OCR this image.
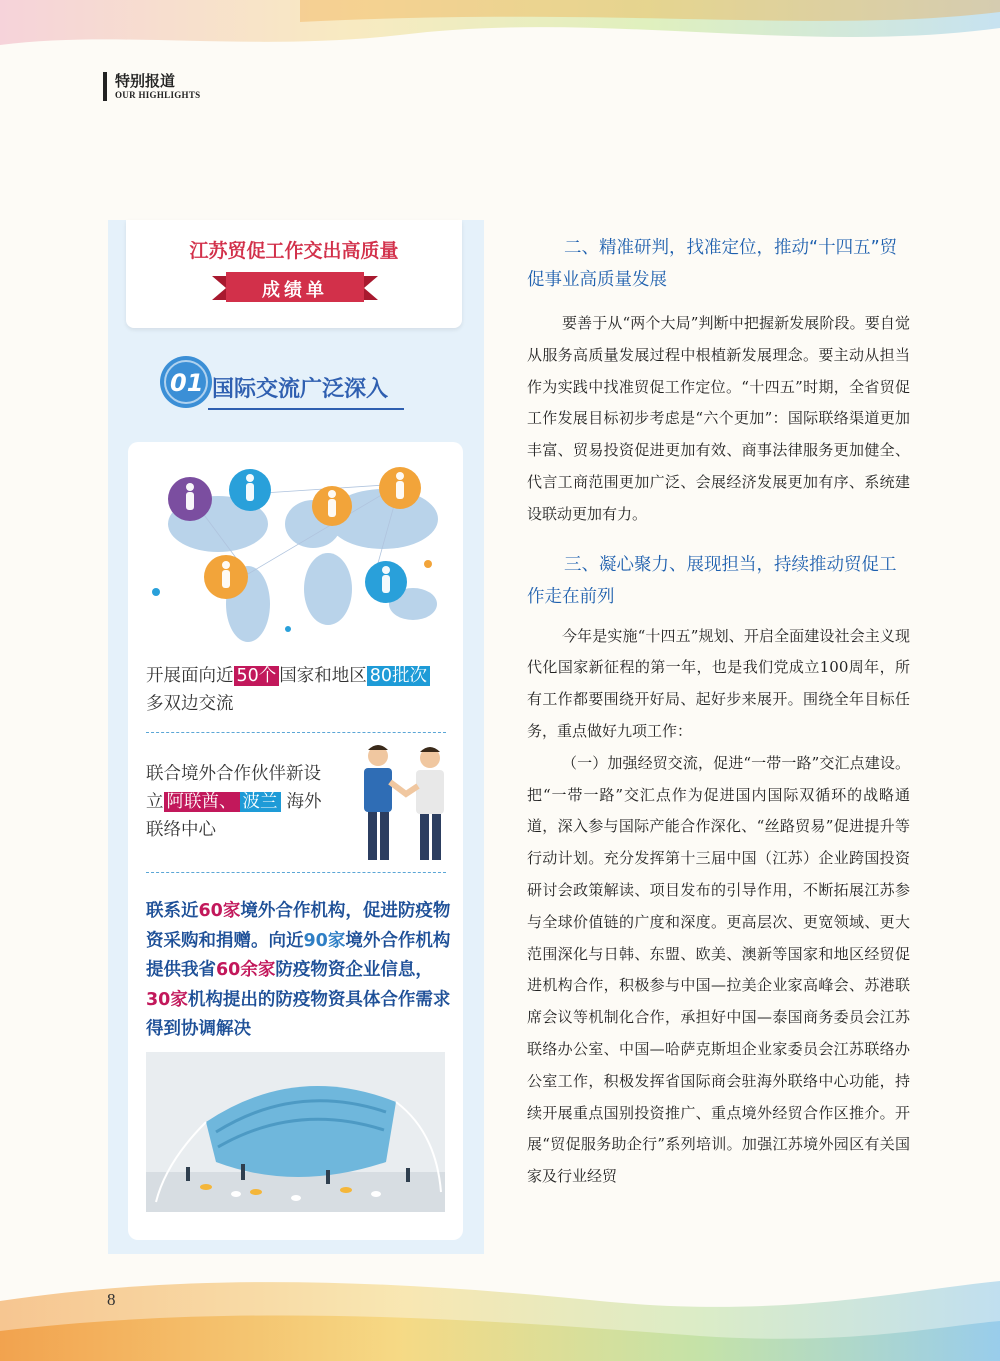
特别报道
OUR HIGHLIGHTS
江苏贸促工作交出高质量
成绩单
01 国际交流广泛深入
开展面向近 50个 国家和地区 80批次
多双边交流
联合境外合作伙伴新设
立 阿联酋、 波兰 海外
联络中心
联系近60家境外合作机构，促进防疫物资采购和捐赠。向近90家境外合作机构提供我省60余家防疫物资企业信息，30家机构提出的防疫物资具体合作需求得到协调解决

二、精准研判，找准定位，推动“十四五”贸促事业高质量发展

要善于从“两个大局”判断中把握新发展阶段。要自觉从服务高质量发展过程中根植新发展理念。要主动从担当作为实践中找准贸促工作定位。“十四五”时期，全省贸促工作发展目标初步考虑是“六个更加”：国际联络渠道更加丰富、贸易投资促进更加有效、商事法律服务更加健全、代言工商范围更加广泛、会展经济发展更加有序、系统建设联动更加有力。

三、凝心聚力、展现担当，持续推动贸促工作走在前列

今年是实施“十四五”规划、开启全面建设社会主义现代化国家新征程的第一年，也是我们党成立100周年，所有工作都要围绕开好局、起好步来展开。围绕全年目标任务，重点做好九项工作：

（一）加强经贸交流，促进“一带一路”交汇点建设。把“一带一路”交汇点作为促进国内国际双循环的战略通道，深入参与国际产能合作深化、“丝路贸易”促进提升等行动计划。充分发挥第十三届中国（江苏）企业跨国投资研讨会政策解读、项目发布的引导作用，不断拓展江苏参与全球价值链的广度和深度。更高层次、更宽领域、更大范围深化与日韩、东盟、欧美、澳新等国家和地区经贸促进机构合作，积极参与中国—拉美企业家高峰会、苏港联席会议等机制化合作，承担好中国—泰国商务委员会江苏联络办公室、中国—哈萨克斯坦企业家委员会江苏联络办公室工作，积极发挥省国际商会驻海外联络中心功能，持续开展重点国别投资推广、重点境外经贸合作区推介。开展“贸促服务助企行”系列培训。加强江苏境外园区有关国家及行业经贸

8
